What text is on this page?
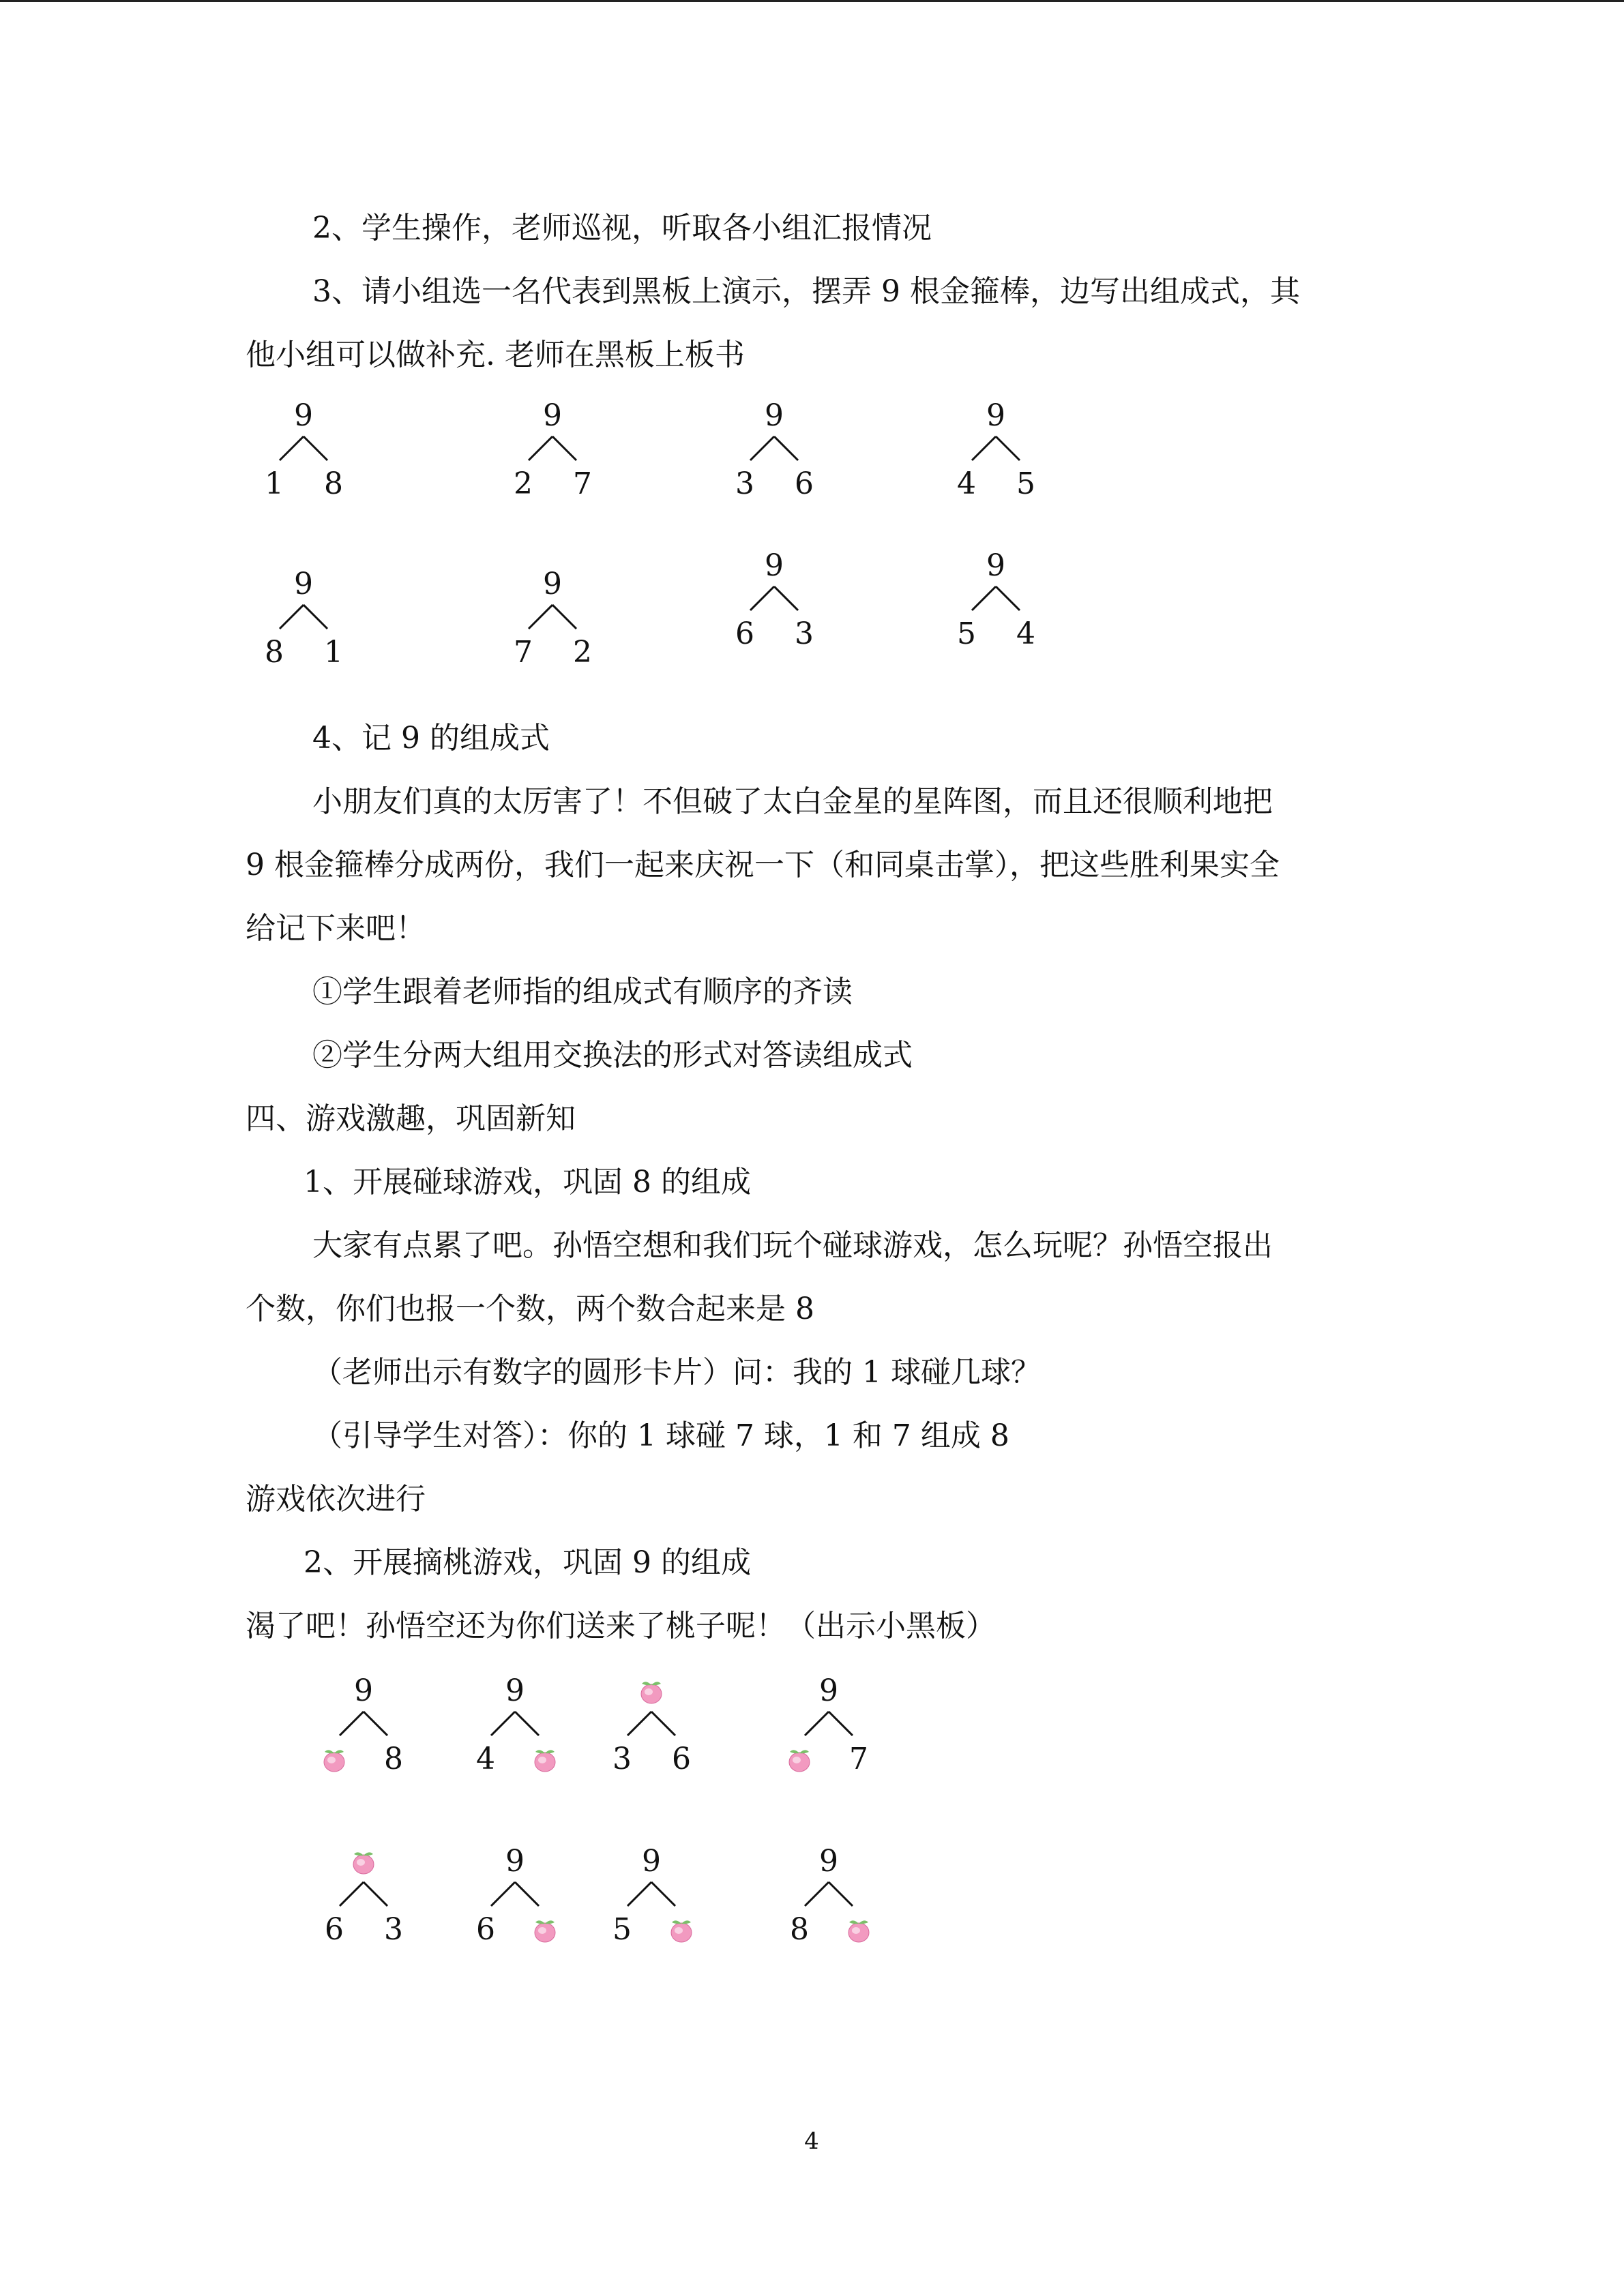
2、学生操作，老师巡视，听取各小组汇报情况
3、请小组选一名代表到黑板上演示，摆弄 9 根金箍棒，边写出组成式，其
他小组可以做补充. 老师在黑板上板书
4、记 9 的组成式
小朋友们真的太厉害了！不但破了太白金星的星阵图，而且还很顺利地把
9 根金箍棒分成两份，我们一起来庆祝一下（和同桌击掌），把这些胜利果实全
给记下来吧！
①学生跟着老师指的组成式有顺序的齐读
②学生分两大组用交换法的形式对答读组成式
四、游戏激趣，巩固新知
1、开展碰球游戏，巩固 8 的组成
大家有点累了吧。孙悟空想和我们玩个碰球游戏，怎么玩呢？孙悟空报出
个数，你们也报一个数，两个数合起来是 8
（老师出示有数字的圆形卡片）问：我的 1 球碰几球？
（引导学生对答）：你的 1 球碰 7 球，1 和 7 组成 8
游戏依次进行
2、开展摘桃游戏，巩固 9 的组成
渴了吧！孙悟空还为你们送来了桃子呢！（出示小黑板）
9
1 8
9
2 7
9
3 6
9
4 5
9
8 1
9
7 2
9
6 3
9
5 4
9
8
9
4	3 6
9
7
6 3
9
6
9
5
9
8
4
